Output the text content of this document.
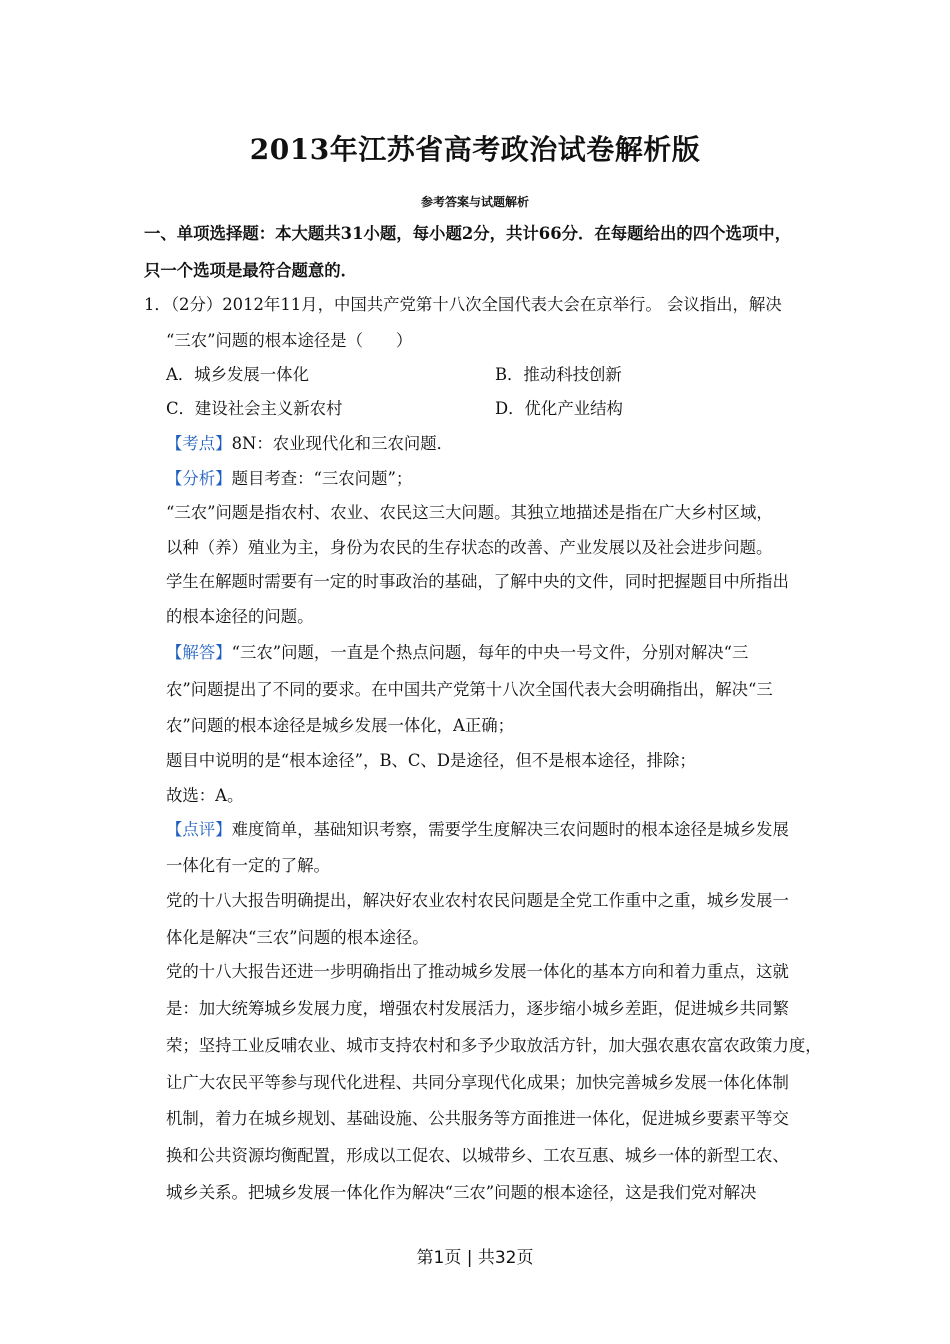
2013年江苏省高考政治试卷解析版
参考答案与试题解析
一、单项选择题：本大题共31小题，每小题2分，共计66分．在每题给出的四个选项中，
只一个选项是最符合题意的．
1．（2分）2012年11月，中国共产党第十八次全国代表大会在京举行。 会议指出，解决
“三农”问题的根本途径是（　　）
A．城乡发展一体化	B．推动科技创新
C．建设社会主义新农村	D．优化产业结构
【考点】8N：农业现代化和三农问题．
【分析】题目考查：“三农问题”；
“三农”问题是指农村、农业、农民这三大问题。其独立地描述是指在广大乡村区域，
以种（养）殖业为主，身份为农民的生存状态的改善、产业发展以及社会进步问题。
学生在解题时需要有一定的时事政治的基础，了解中央的文件，同时把握题目中所指出
的根本途径的问题。
【解答】“三农”问题，一直是个热点问题，每年的中央一号文件，分别对解决“三
农”问题提出了不同的要求。在中国共产党第十八次全国代表大会明确指出，解决“三
农”问题的根本途径是城乡发展一体化，A正确；
题目中说明的是“根本途径”，B、C、D是途径，但不是根本途径，排除；
故选：A。
【点评】难度简单，基础知识考察，需要学生度解决三农问题时的根本途径是城乡发展
一体化有一定的了解。
党的十八大报告明确提出，解决好农业农村农民问题是全党工作重中之重，城乡发展一
体化是解决“三农”问题的根本途径。
党的十八大报告还进一步明确指出了推动城乡发展一体化的基本方向和着力重点，这就
是：加大统筹城乡发展力度，增强农村发展活力，逐步缩小城乡差距，促进城乡共同繁
荣；坚持工业反哺农业、城市支持农村和多予少取放活方针，加大强农惠农富农政策力度，
让广大农民平等参与现代化进程、共同分享现代化成果；加快完善城乡发展一体化体制
机制，着力在城乡规划、基础设施、公共服务等方面推进一体化，促进城乡要素平等交
换和公共资源均衡配置，形成以工促农、以城带乡、工农互惠、城乡一体的新型工农、
城乡关系。把城乡发展一体化作为解决“三农”问题的根本途径，这是我们党对解决
第1页 | 共32页
